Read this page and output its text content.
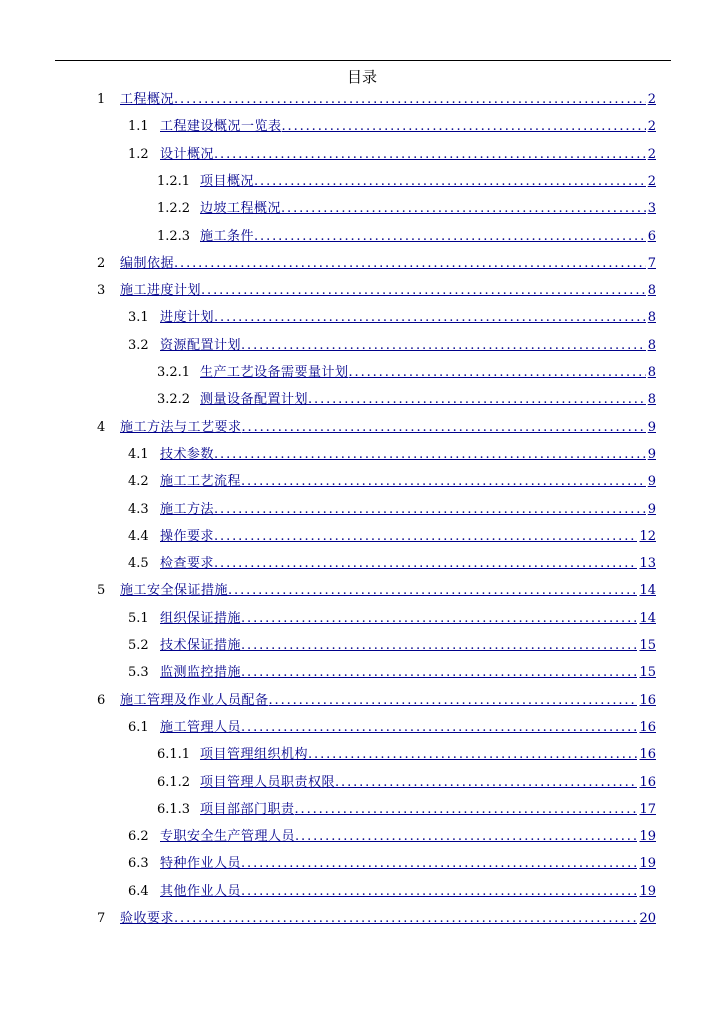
目录
1	工程概况 .....	2
1.1 工程建设概况一览表 .....	2
1.2 设计概况 .....	2
1.2.1 项目概况 .....	2
1.2.2 边坡工程概况 .....	3
1.2.3 施工条件 .....	6
2	编制依据 .....	7
3	施工进度计划 .....	8
3.1 进度计划 .....	8
3.2 资源配置计划 .....	8
3.2.1 生产工艺设备需要量计划 .....	8
3.2.2 测量设备配置计划 .....	8
4	施工方法与工艺要求 .....	9
4.1 技术参数 .....	9
4.2 施工工艺流程 .....	9
4.3 施工方法 .....	9
4.4 操作要求 .....	12
4.5 检查要求 .....	13
5	施工安全保证措施 .....	14
5.1 组织保证措施 .....	14
5.2 技术保证措施 .....	15
5.3 监测监控措施 .....	15
6	施工管理及作业人员配备 .....	16
6.1 施工管理人员 .....	16
6.1.1 项目管理组织机构 .....	16
6.1.2 项目管理人员职责权限 .....	16
6.1.3 项目部部门职责 .....	17
6.2 专职安全生产管理人员 .....	19
6.3 特种作业人员 .....	19
6.4 其他作业人员 .....	19
7	验收要求 .....	20
